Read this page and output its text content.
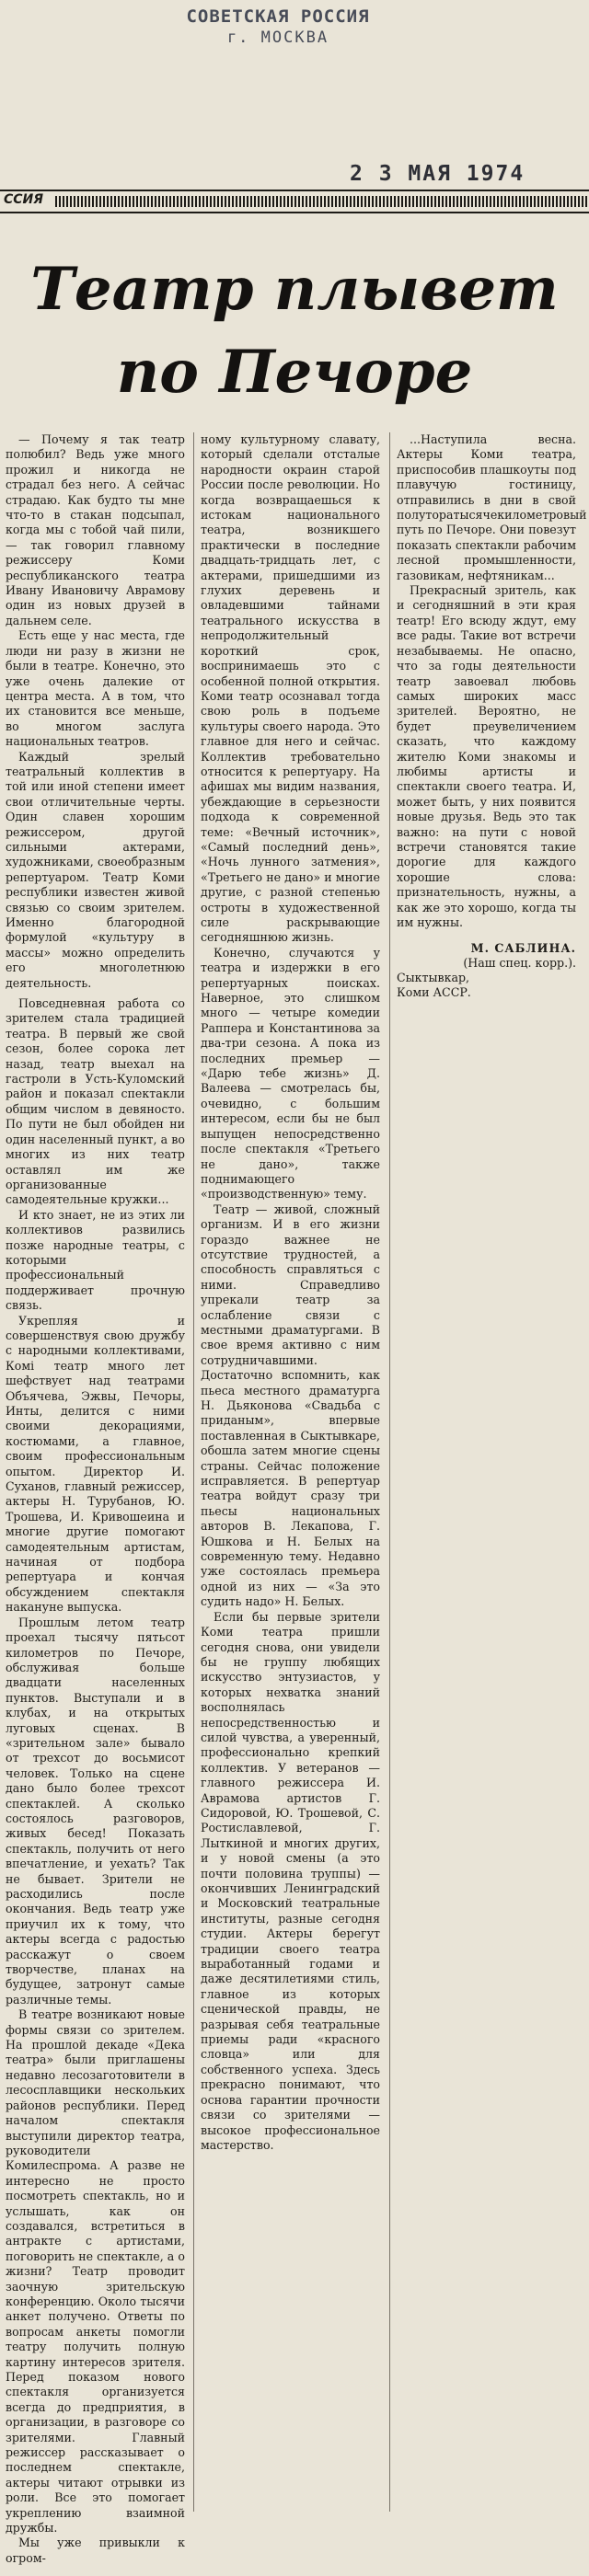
СОВЕТСКАЯ РОССИЯ
г. МОСКВА
2 3 МАЯ 1974
ССИЯ
Театр плывет
по Печоре

— Почему я так театр полюбил? Ведь уже много прожил и никогда не страдал без него. А сейчас страдаю. Как будто ты мне что-то в стакан подсыпал, когда мы с тобой чай пили,— так говорил главному режиссеру Коми республиканского театра Ивану Ивановичу Аврамову один из новых друзей в дальнем селе.

Есть еще у нас места, где люди ни разу в жизни не были в театре. Конечно, это уже очень далекие от центра места. А в том, что их становится все меньше, во многом заслуга национальных театров.

Каждый зрелый театральный коллектив в той или иной степени имеет свои отличительные черты. Один славен хорошим режиссером, другой сильными актерами, художниками, своеобразным репертуаром. Театр Коми республики известен живой связью со своим зрителем. Именно благородной формулой «культуру в массы» можно определить его многолетнюю деятельность.

Повседневная работа со зрителем стала традицией театра. В первый же свой сезон, более сорока лет назад, театр выехал на гастроли в Усть-Куломский район и показал спектакли общим числом в девяносто. По пути не был обойден ни один населенный пункт, а во многих из них театр оставлял им же организованные самодеятельные кружки...

И кто знает, не из этих ли коллективов развились позже народные театры, с которыми профессиональный поддерживает прочную связь.

Укрепляя и совершенствуя свою дружбу с народными коллективами, Комi театр много лет шефствует над театрами Объячева, Эжвы, Печоры, Инты, делится с ними своими декорациями, костюмами, а главное, своим профессиональным опытом. Директор И. Суханов, главный режиссер, актеры Н. Турубанов, Ю. Трошева, И. Кривошеина и многие другие помогают самодеятельным артистам, начиная от подбора репертуара и кончая обсуждением спектакля накануне выпуска.

Прошлым летом театр проехал тысячу пятьсот километров по Печоре, обслуживая больше двадцати населенных пунктов. Выступали и в клубах, и на открытых луговых сценах. В «зрительном зале» бывало от трехсот до восьмисот человек. Только на сцене дано было более трехсот спектаклей. А сколько состоялось разговоров, живых бесед! Показать спектакль, получить от него впечатление, и уехать? Так не бывает. Зрители не расходились после окончания. Ведь театр уже приучил их к тому, что актеры всегда с радостью расскажут о своем творчестве, планах на будущее, затронут самые различные темы.

В театре возникают новые формы связи со зрителем. На прошлой декаде «Дека театра» были приглашены недавно лесозаготовители в лесосплавщики нескольких районов республики. Перед началом спектакля выступили директор театра, руководители Комилеспрома. А разве не интересно не просто посмотреть спектакль, но и услышать, как он создавался, встретиться в антракте с артистами, поговорить не спектакле, а о жизни? Театр проводит заочную зрительскую конференцию. Около тысячи анкет получено. Ответы по вопросам анкеты помогли театру получить полную картину интересов зрителя. Перед показом нового спектакля организуется всегда до предприятия, в организации, в разговоре со зрителями. Главный режиссер рассказывает о последнем спектакле, актеры читают отрывки из роли. Все это помогает укреплению взаимной дружбы.

Мы уже привыкли к огром-

ному культурному славату, который сделали отсталые народности окраин старой России после революции. Но когда возвращаешься к истокам национального театра, возникшего практически в последние двадцать-тридцать лет, с актерами, пришедшими из глухих деревень и овладевшими тайнами театрального искусства в непродолжительный короткий срок, воспринимаешь это с особенной полной открытия. Коми театр осознавал тогда свою роль в подъеме культуры своего народа. Это главное для него и сейчас. Коллектив требовательно относится к репертуару. На афишах мы видим названия, убеждающие в серьезности подхода к современной теме: «Вечный источник», «Самый последний день», «Ночь лунного затмения», «Третьего не дано» и многие другие, с разной степенью остроты в художественной силе раскрывающие сегодняшнюю жизнь.

Конечно, случаются у театра и издержки в его репертуарных поисках. Наверное, это слишком много — четыре комедии Раппера и Константинова за два-три сезона. А пока из последних премьер — «Дарю тебе жизнь» Д. Валеева — смотрелась бы, очевидно, с большим интересом, если бы не был выпущен непосредственно после спектакля «Третьего не дано», также поднимающего «производственную» тему.

Театр — живой, сложный организм. И в его жизни гораздо важнее не отсутствие трудностей, а способность справляться с ними. Справедливо упрекали театр за ослабление связи с местными драматургами. В свое время активно с ним сотрудничавшими. Достаточно вспомнить, как пьеса местного драматурга Н. Дьяконова «Свадьба с приданым», впервые поставленная в Сыктывкаре, обошла затем многие сцены страны. Сейчас положение исправляется. В репертуар театра войдут сразу три пьесы национальных авторов В. Лекапова, Г. Юшкова и Н. Белых на современную тему. Недавно уже состоялась премьера одной из них — «За это судить надо» Н. Белых.

Если бы первые зрители Коми театра пришли сегодня снова, они увидели бы не группу любящих искусство энтузиастов, у которых нехватка знаний восполнялась непосредственностью и силой чувства, а уверенный, профессионально крепкий коллектив. У ветеранов — главного режиссера И. Аврамова артистов Г. Сидоровой, Ю. Трошевой, С. Ростиславлевой, Г. Лыткиной и многих других, и у новой смены (а это почти половина труппы) — окончивших Ленинградский и Московский театральные институты, разные сегодня студии. Актеры берегут традиции своего театра выработанный годами и даже десятилетиями стиль, главное из которых сценической правды, не разрывая себя театральные приемы ради «красного словца» или для собственного успеха. Здесь прекрасно понимают, что основа гарантии прочности связи со зрителями — высокое профессиональное мастерство.

...Наступила весна. Актеры Коми театра, приспособив плашкоуты под плавучую гостиницу, отправились в дни в свой полуторатысячекилометровый путь по Печоре. Они повезут показать спектакли рабочим лесной промышленности, газовикам, нефтяникам...

Прекрасный зритель, как и сегодняшний в эти края театр! Его всюду ждут, ему все рады. Такие вот встречи незабываемы. Не опасно, что за годы деятельности театр завоевал любовь самых широких масс зрителей. Вероятно, не будет преувеличением сказать, что каждому жителю Коми знакомы и любимы артисты и спектакли своего театра. И, может быть, у них появится новые друзья. Ведь это так важно: на пути с новой встречи становятся такие дорогие для каждого хорошие слова: признательность, нужны, а как же это хорошо, когда ты им нужны.

М. САБЛИНА.
(Наш спец. корр.).
Сыктывкар,
Коми АССР.
